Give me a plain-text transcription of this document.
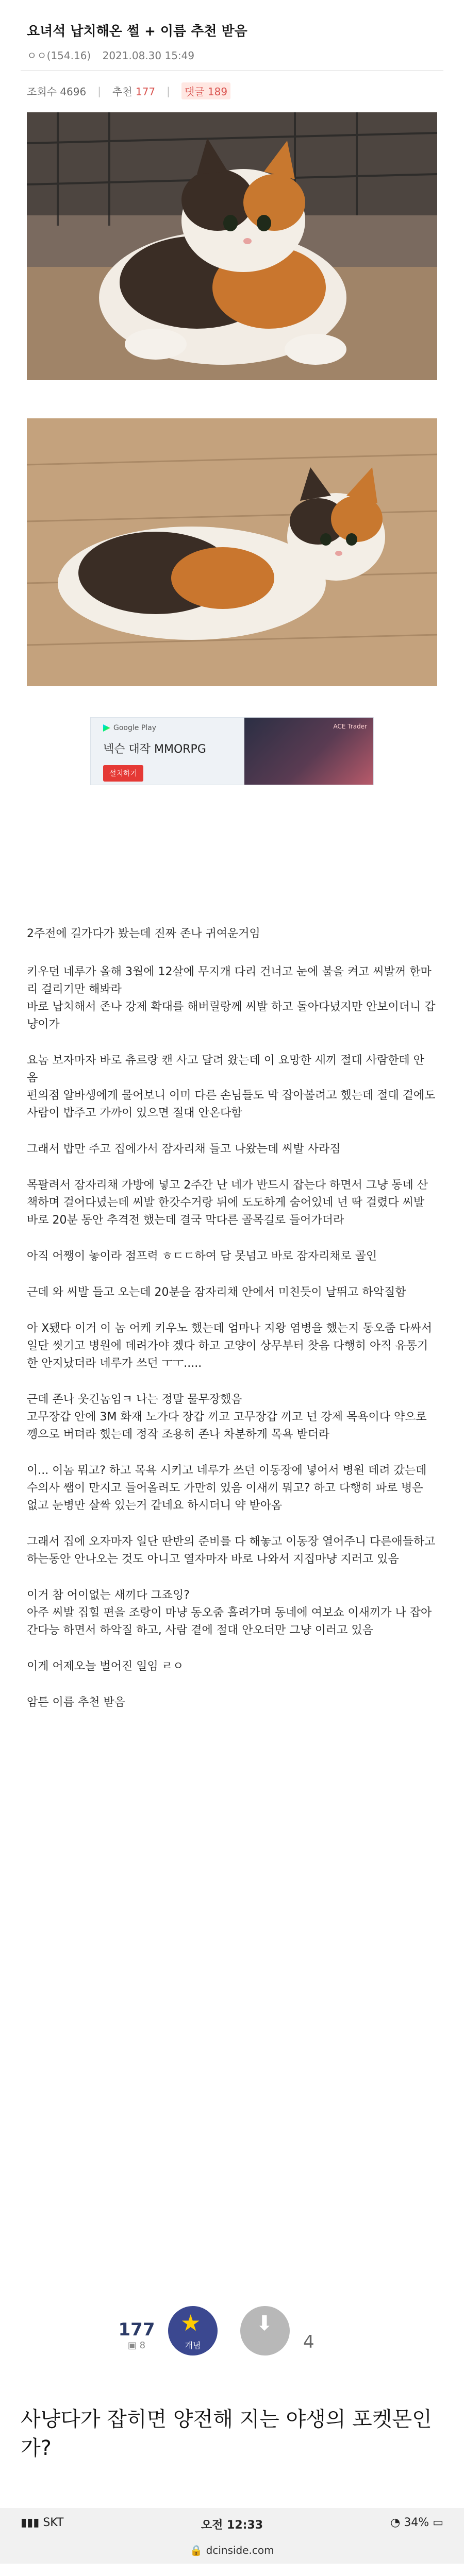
요녀석 납치해온 썰 + 이름 추천 받음
ㅇㅇ(154.16) 2021.08.30 15:49
조회수 4696 | 추천 177 |	댓글 189
Google Play
넥슨 대작 MMORPG
설치하기
ACE Trader

2주전에 길가다가 봤는데 진짜 존나 귀여운거임

키우던 네루가 올해 3월에 12살에 무지개 다리 건너고 눈에 불을 켜고 씨발꺼 한마리 걸리기만 해봐라
바로 납치해서 존나 강제 확대를 해버릴랑께 씨발 하고 돌아다녔지만 안보이더니 갑냥이가

요놈 보자마자 바로 츄르랑 캔 사고 달려 왔는데 이 요망한 새끼 절대 사람한테 안 옴
편의점 알바생에게 물어보니 이미 다른 손님들도 막 잡아볼려고 했는데 절대 곁에도 사람이 밥주고 가까이 있으면 절대 안온다함

그래서 밥만 주고 집에가서 잠자리채 들고 나왔는데 씨발 사라짐

목팔려서 잠자리채 가방에 넣고 2주간 난 네가 반드시 잡는다 하면서 그냥 동네 산책하며 걸어다녔는데 씨발 한갓수거랑 뒤에 도도하게 숨어있네 넌 딱 걸렸다 씨발 바로 20분 동안 추격전 했는데 결국 막다른 골목길로 들어가더라

아직 어쨍이 놓이라 점프력 ㅎㄷㄷ하여 담 못넘고 바로 잠자리채로 골인

근데 와 씨발 들고 오는데 20분을 잠자리채 안에서 미친듯이 날뛰고 하악질함

아 X됐다 이거 이 놈 어케 키우노 했는데 엄마나 지왕 염병을 했는지 동오줌 다싸서 일단 씻기고 병원에 데려가야 겠다 하고 고양이 상무부터 찾음 다행히 아직 유통기한 안지났더라 네루가 쓰던 ㅜㅜ.....

근데 존나 웃긴놈임ㅋ 나는 정말 물무장했음
고무장갑 안에 3M 화재 노가다 장갑 끼고 고무장갑 끼고 넌 강제 목욕이다 약으로 깽으로 버텨라 했는데 정작 조용히 존나 차분하게 목욕 받더라

이... 이놈 뭐고? 하고 목욕 시키고 네루가 쓰던 이동장에 넣어서 병원 데려 갔는데 수의사 쌤이 만지고 들어올려도 가만히 있음 이새끼 뭐고? 하고 다행히 파로 병은 없고 눈병만 살짝 있는거 같네요 하시더니 약 받아옴

그래서 집에 오자마자 일단 딴반의 준비를 다 해놓고 이동장 열어주니 다른애들하고 하는동안 안나오는 것도 아니고 열자마자 바로 나와서 지집마냥 지러고 있음

이거 참 어이없는 새끼다 그죠잉?
아주 씨발 집힐 편을 조랑이 마냥 동오줌 흘려가며 동네에 여보쇼 이새끼가 나 잡아간다능 하면서 하악질 하고, 사람 곁에 절대 안오더만 그냥 이러고 있음

이게 어제오늘 벌어진 일임 ㄹㅇ

암튼 이름 추천 받음

177
▣ 8
★
개념
⬇
4
사냥다가 잡히면 양전해 지는 야생의 포켓몬인가?
▮▮▮ SKT	오전 12:33	◔ 34% ▭
🔒 dcinside.com
